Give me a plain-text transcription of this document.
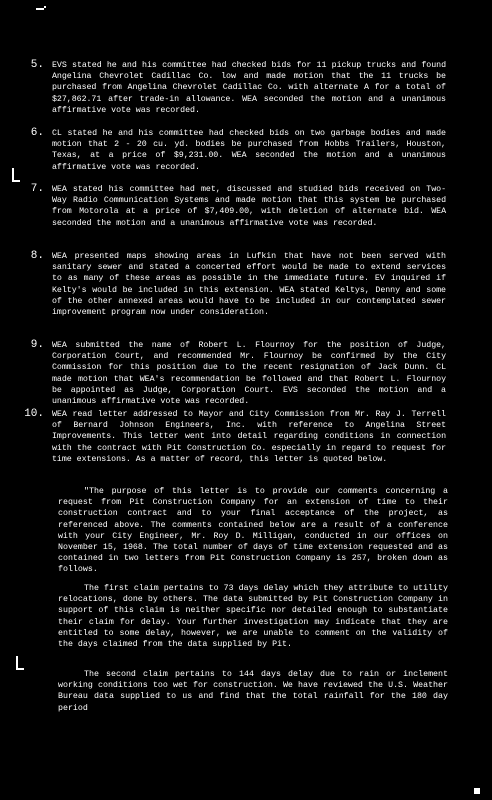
5. EVS stated he and his committee had checked bids for 11 pickup trucks and found Angelina Chevrolet Cadillac Co. low and made motion that the 11 trucks be purchased from Angelina Chevrolet Cadillac Co. with alternate A for a total of $27,862.71 after trade-in allowance. WEA seconded the motion and a unanimous affirmative vote was recorded.
6. CL stated he and his committee had checked bids on two garbage bodies and made motion that 2 - 20 cu. yd. bodies be purchased from Hobbs Trailers, Houston, Texas, at a price of $9,231.00. WEA seconded the motion and a unanimous affirmative vote was recorded.
7. WEA stated his committee had met, discussed and studied bids received on Two-Way Radio Communication Systems and made motion that this system be purchased from Motorola at a price of $7,409.00, with deletion of alternate bid. WEA seconded the motion and a unanimous affirmative vote was recorded.
8. WEA presented maps showing areas in Lufkin that have not been served with sanitary sewer and stated a concerted effort would be made to extend services to as many of these areas as possible in the immediate future. EV inquired if Kelty's would be included in this extension. WEA stated Keltys, Denny and some of the other annexed areas would have to be included in our contemplated sewer improvement program now under consideration.
9. WEA submitted the name of Robert L. Flournoy for the position of Judge, Corporation Court, and recommended Mr. Flournoy be confirmed by the City Commission for this position due to the recent resignation of Jack Dunn. CL made motion that WEA's recommendation be followed and that Robert L. Flournoy be appointed as Judge, Corporation Court. EVS seconded the motion and a unanimous affirmative vote was recorded.
10. WEA read letter addressed to Mayor and City Commission from Mr. Ray J. Terrell of Bernard Johnson Engineers, Inc. with reference to Angelina Street Improvements. This letter went into detail regarding conditions in connection with the contract with Pit Construction Co. especially in regard to request for time extensions. As a matter of record, this letter is quoted below.
"The purpose of this letter is to provide our comments concerning a request from Pit Construction Company for an extension of time to their construction contract and to your final acceptance of the project, as referenced above. The comments contained below are a result of a conference with your City Engineer, Mr. Roy D. Milligan, conducted in our offices on November 15, 1968. The total number of days of time extension requested and as contained in two letters from Pit Construction Company is 257, broken down as follows.
The first claim pertains to 73 days delay which they attribute to utility relocations, done by others. The data submitted by Pit Construction Company in support of this claim is neither specific nor detailed enough to substantiate their claim for delay. Your further investigation may indicate that they are entitled to some delay, however, we are unable to comment on the validity of the days claimed from the data supplied by Pit.
The second claim pertains to 144 days delay due to rain or inclement working conditions too wet for construction. We have reviewed the U.S. Weather Bureau data supplied to us and find that the total rainfall for the 180 day period
